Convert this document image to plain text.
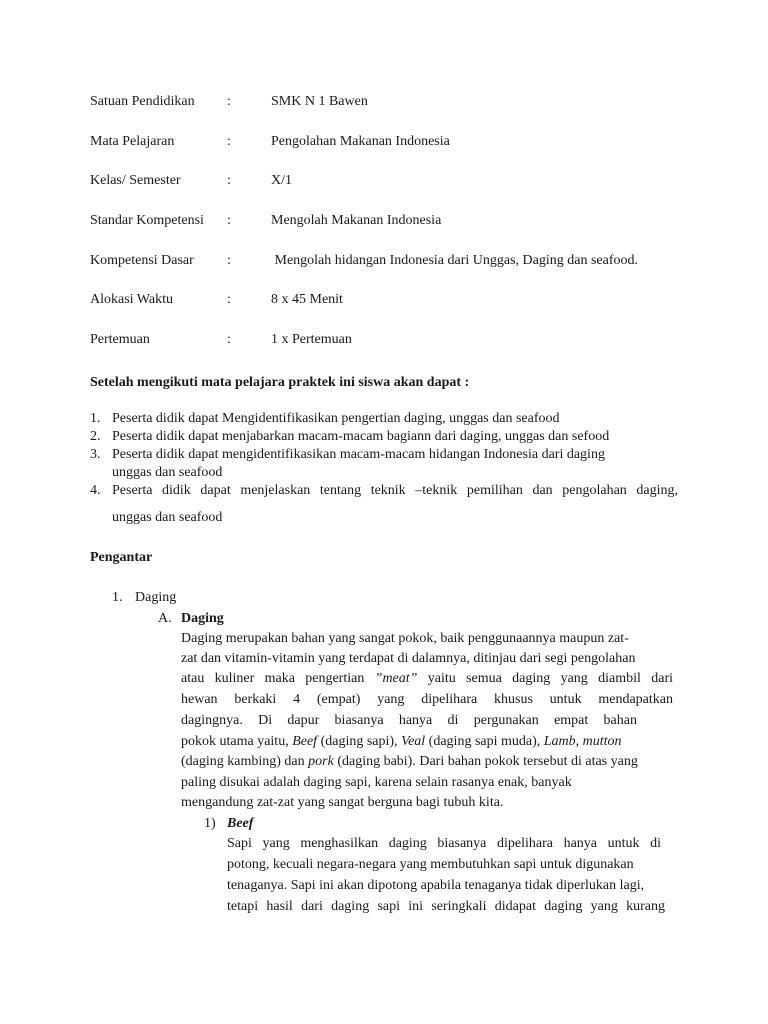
Satuan Pendidikan :	SMK N 1 Bawen
Mata Pelajaran	:	Pengolahan Makanan Indonesia
Kelas/ Semester	:	X/1
Standar Kompetensi :	Mengolah Makanan Indonesia
Kompetensi Dasar :	Mengolah hidangan Indonesia dari Unggas, Daging dan seafood.
Alokasi Waktu	:	8 x 45 Menit
Pertemuan	:	1 x Pertemuan
Setelah mengikuti mata pelajara praktek ini siswa akan dapat :
1. Peserta didik dapat Mengidentifikasikan pengertian daging, unggas dan seafood
2. Peserta didik dapat menjabarkan macam-macam bagiann dari daging, unggas dan sefood
3. Peserta didik dapat mengidentifikasikan macam-macam hidangan Indonesia dari daging
unggas dan seafood
4. Peserta didik dapat menjelaskan tentang teknik –teknik pemilihan dan pengolahan daging,
unggas dan seafood
Pengantar
1. Daging
A. Daging
Daging merupakan bahan yang sangat pokok, baik penggunaannya maupun zat-
zat dan vitamin-vitamin yang terdapat di dalamnya, ditinjau dari segi pengolahan
atau kuliner maka pengertian ”meat” yaitu semua daging yang diambil dari
hewan berkaki 4 (empat) yang dipelihara khusus untuk mendapatkan
dagingnya. Di dapur biasanya hanya di pergunakan empat bahan
pokok utama yaitu, Beef (daging sapi), Veal (daging sapi muda), Lamb, mutton
(daging kambing) dan pork (daging babi). Dari bahan pokok tersebut di atas yang
paling disukai adalah daging sapi, karena selain rasanya enak, banyak
mengandung zat-zat yang sangat berguna bagi tubuh kita.
1) Beef
Sapi yang menghasilkan daging biasanya dipelihara hanya untuk di
potong, kecuali negara-negara yang membutuhkan sapi untuk digunakan
tenaganya. Sapi ini akan dipotong apabila tenaganya tidak diperlukan lagi,
tetapi hasil dari daging sapi ini seringkali didapat daging yang kurang
